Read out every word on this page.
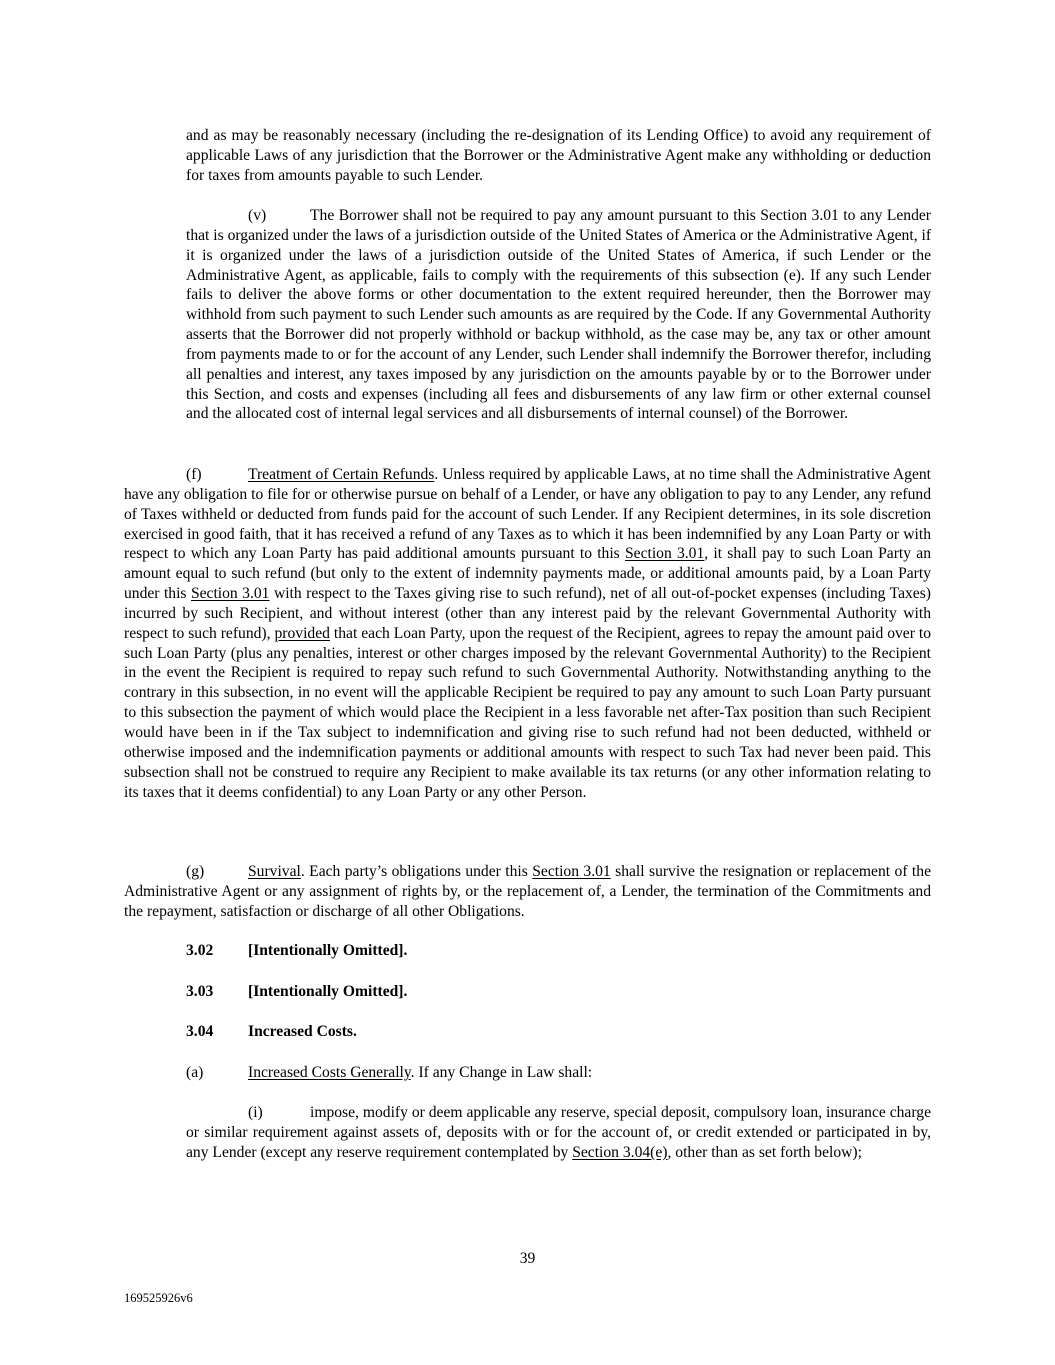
and as may be reasonably necessary (including the re-designation of its Lending Office) to avoid any requirement of applicable Laws of any jurisdiction that the Borrower or the Administrative Agent make any withholding or deduction for taxes from amounts payable to such Lender.

(v)	The Borrower shall not be required to pay any amount pursuant to this Section 3.01 to any Lender that is organized under the laws of a jurisdiction outside of the United States of America or the Administrative Agent, if it is organized under the laws of a jurisdiction outside of the United States of America, if such Lender or the Administrative Agent, as applicable, fails to comply with the requirements of this subsection (e). If any such Lender fails to deliver the above forms or other documentation to the extent required hereunder, then the Borrower may withhold from such payment to such Lender such amounts as are required by the Code. If any Governmental Authority asserts that the Borrower did not properly withhold or backup withhold, as the case may be, any tax or other amount from payments made to or for the account of any Lender, such Lender shall indemnify the Borrower therefor, including all penalties and interest, any taxes imposed by any jurisdiction on the amounts payable by or to the Borrower under this Section, and costs and expenses (including all fees and disbursements of any law firm or other external counsel and the allocated cost of internal legal services and all disbursements of internal counsel) of the Borrower.

(f)	Treatment of Certain Refunds. Unless required by applicable Laws, at no time shall the Administrative Agent have any obligation to file for or otherwise pursue on behalf of a Lender, or have any obligation to pay to any Lender, any refund of Taxes withheld or deducted from funds paid for the account of such Lender. If any Recipient determines, in its sole discretion exercised in good faith, that it has received a refund of any Taxes as to which it has been indemnified by any Loan Party or with respect to which any Loan Party has paid additional amounts pursuant to this Section 3.01, it shall pay to such Loan Party an amount equal to such refund (but only to the extent of indemnity payments made, or additional amounts paid, by a Loan Party under this Section 3.01 with respect to the Taxes giving rise to such refund), net of all out-of-pocket expenses (including Taxes) incurred by such Recipient, and without interest (other than any interest paid by the relevant Governmental Authority with respect to such refund), provided that each Loan Party, upon the request of the Recipient, agrees to repay the amount paid over to such Loan Party (plus any penalties, interest or other charges imposed by the relevant Governmental Authority) to the Recipient in the event the Recipient is required to repay such refund to such Governmental Authority. Notwithstanding anything to the contrary in this subsection, in no event will the applicable Recipient be required to pay any amount to such Loan Party pursuant to this subsection the payment of which would place the Recipient in a less favorable net after-Tax position than such Recipient would have been in if the Tax subject to indemnification and giving rise to such refund had not been deducted, withheld or otherwise imposed and the indemnification payments or additional amounts with respect to such Tax had never been paid. This subsection shall not be construed to require any Recipient to make available its tax returns (or any other information relating to its taxes that it deems confidential) to any Loan Party or any other Person.

(g)	Survival. Each party’s obligations under this Section 3.01 shall survive the resignation or replacement of the Administrative Agent or any assignment of rights by, or the replacement of, a Lender, the termination of the Commitments and the repayment, satisfaction or discharge of all other Obligations.

3.02 [Intentionally Omitted].
3.03 [Intentionally Omitted].
3.04 Increased Costs.
(a)	Increased Costs Generally. If any Change in Law shall:

(i)	impose, modify or deem applicable any reserve, special deposit, compulsory loan, insurance charge or similar requirement against assets of, deposits with or for the account of, or credit extended or participated in by, any Lender (except any reserve requirement contemplated by Section 3.04(e), other than as set forth below);

39
169525926v6
